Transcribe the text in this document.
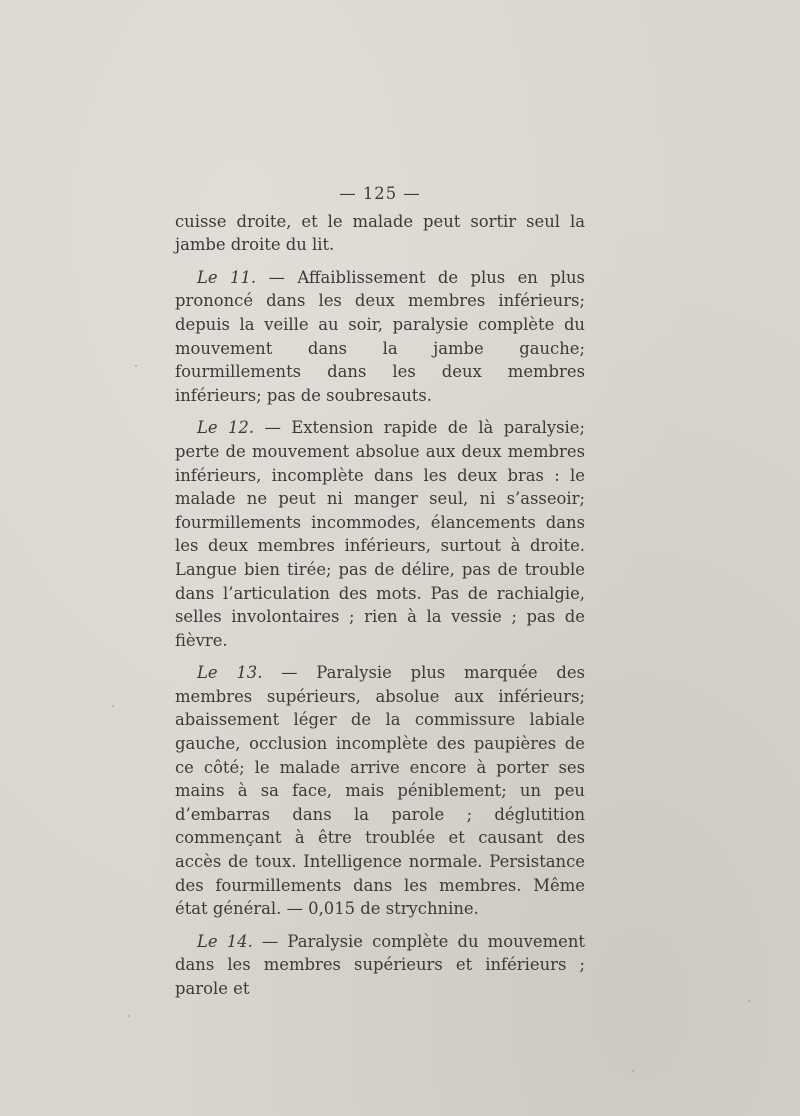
— 125 —

cuisse droite, et le malade peut sortir seul la jambe droite du lit.

Le 11. — Affaiblissement de plus en plus prononcé dans les deux membres inférieurs; depuis la veille au soir, paralysie complète du mouvement dans la jambe gauche; fourmillements dans les deux membres inférieurs; pas de soubresauts.

Le 12. — Extension rapide de là paralysie; perte de mouvement absolue aux deux membres inférieurs, incomplète dans les deux bras : le malade ne peut ni manger seul, ni s’asseoir; fourmillements incommodes, élancements dans les deux membres inférieurs, surtout à droite. Langue bien tirée; pas de délire, pas de trouble dans l’articulation des mots. Pas de rachialgie, selles involontaires ; rien à la vessie ; pas de fièvre.

Le 13. — Paralysie plus marquée des membres supérieurs, absolue aux inférieurs; abaissement léger de la commissure labiale gauche, occlusion incomplète des paupières de ce côté; le malade arrive encore à porter ses mains à sa face, mais péniblement; un peu d’embarras dans la parole ; déglutition commençant à être troublée et causant des accès de toux. Intelligence normale. Persistance des fourmillements dans les membres. Même état général. — 0,015 de strychnine.

Le 14. — Paralysie complète du mouvement dans les membres supérieurs et inférieurs ; parole et
